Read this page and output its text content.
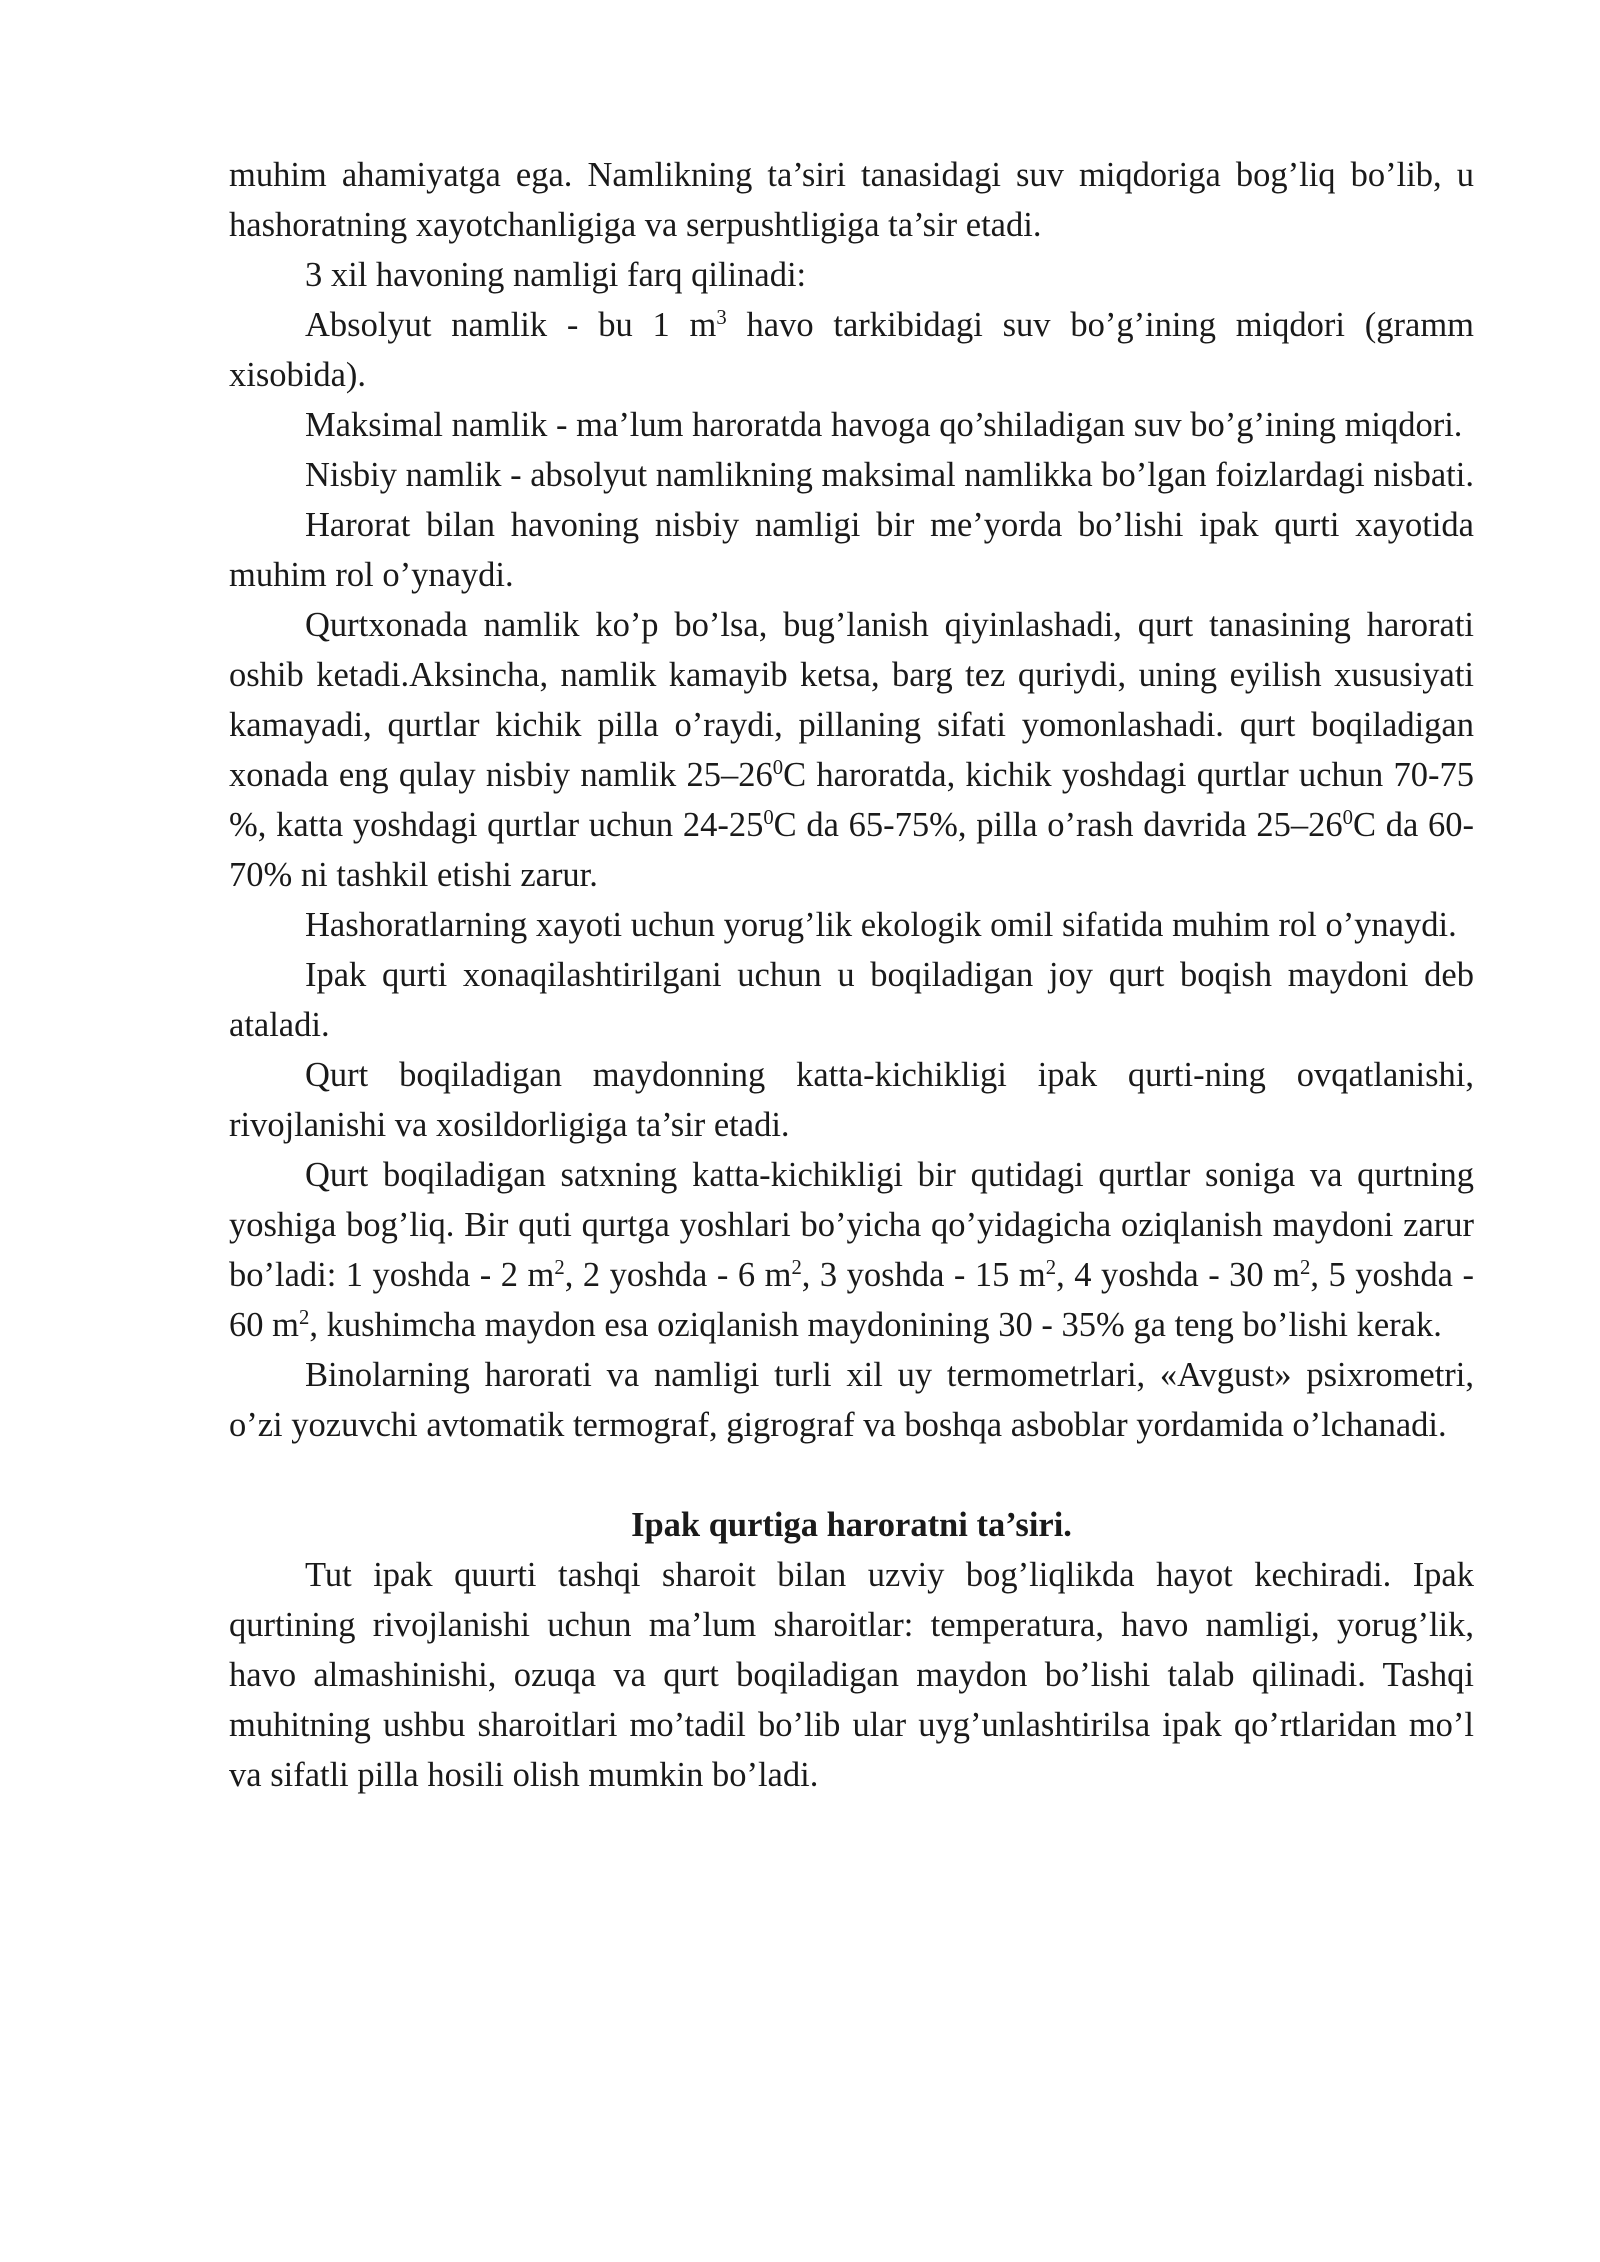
muhim ahamiyatga ega. Namlikning ta’siri tanasidagi suv miqdoriga bog’liq bo’lib, u hashoratning xayotchanligiga va serpushtligiga ta’sir etadi.

3 xil havoning namligi farq qilinadi:

Absolyut namlik - bu 1 $m^3$ havo tarkibidagi suv bo’g’ining miqdori (gramm xisobida).

Maksimal namlik - ma’lum haroratda havoga qo’shiladigan suv bo’g’ining miqdori.

Nisbiy namlik - absolyut namlikning maksimal namlikka bo’lgan foizlardagi nisbati.

Harorat bilan havoning nisbiy namligi bir me’yorda bo’lishi ipak qurti xayotida muhim rol o’ynaydi.

Qurtxonada namlik ko’p bo’lsa, bug’lanish qiyinlashadi, qurt tanasining harorati oshib ketadi.Aksincha, namlik kamayib ketsa, barg tez quriydi, uning eyilish xususiyati kamayadi, qurtlar kichik pilla o’raydi, pillaning sifati yomonlashadi. qurt boqiladigan xonada eng qulay nisbiy namlik $25-26^0C$ haroratda, kichik yoshdagi qurtlar uchun 70-75 %, katta yoshdagi qurtlar uchun $24-25^0C$ da 65-75%, pilla o’rash davrida $25-26^0C$ da 60-70% ni tashkil etishi zarur.

Hashoratlarning xayoti uchun yorug’lik ekologik omil sifatida muhim rol o’ynaydi.

Ipak qurti xonaqilashtirilgani uchun u boqiladigan joy qurt boqish maydoni deb ataladi.

Qurt boqiladigan maydonning katta-kichikligi ipak qurti-ning ovqatlanishi, rivojlanishi va xosildorligiga ta’sir etadi.

Qurt boqiladigan satxning katta-kichikligi bir qutidagi qurtlar soniga va qurtning yoshiga bog’liq. Bir quti qurtga yoshlari bo’yicha qo’yidagicha oziqlanish maydoni zarur bo’ladi: 1 yoshda - 2 $m^2$, 2 yoshda - 6 $m^2$, 3 yoshda - 15 $m^2$, 4 yoshda - 30 $m^2$, 5 yoshda - 60 $m^2$, kushimcha maydon esa oziqlanish maydonining 30 - 35% ga teng bo’lishi kerak.

Binolarning harorati va namligi turli xil uy termometrlari, «Avgust» psixrometri, o’zi yozuvchi avtomatik termograf, gigrograf va boshqa asboblar yordamida o’lchanadi.

Ipak qurtiga haroratni ta’siri.

Tut ipak quurti tashqi sharoit bilan uzviy bog’liqlikda hayot kechiradi. Ipak qurtining rivojlanishi uchun ma’lum sharoitlar: temperatura, havo namligi, yorug’lik, havo almashinishi, ozuqa va qurt boqiladigan maydon bo’lishi talab qilinadi. Tashqi muhitning ushbu sharoitlari mo’tadil bo’lib ular uyg’unlashtirilsa ipak qo’rtlaridan mo’l va sifatli pilla hosili olish mumkin bo’ladi.
